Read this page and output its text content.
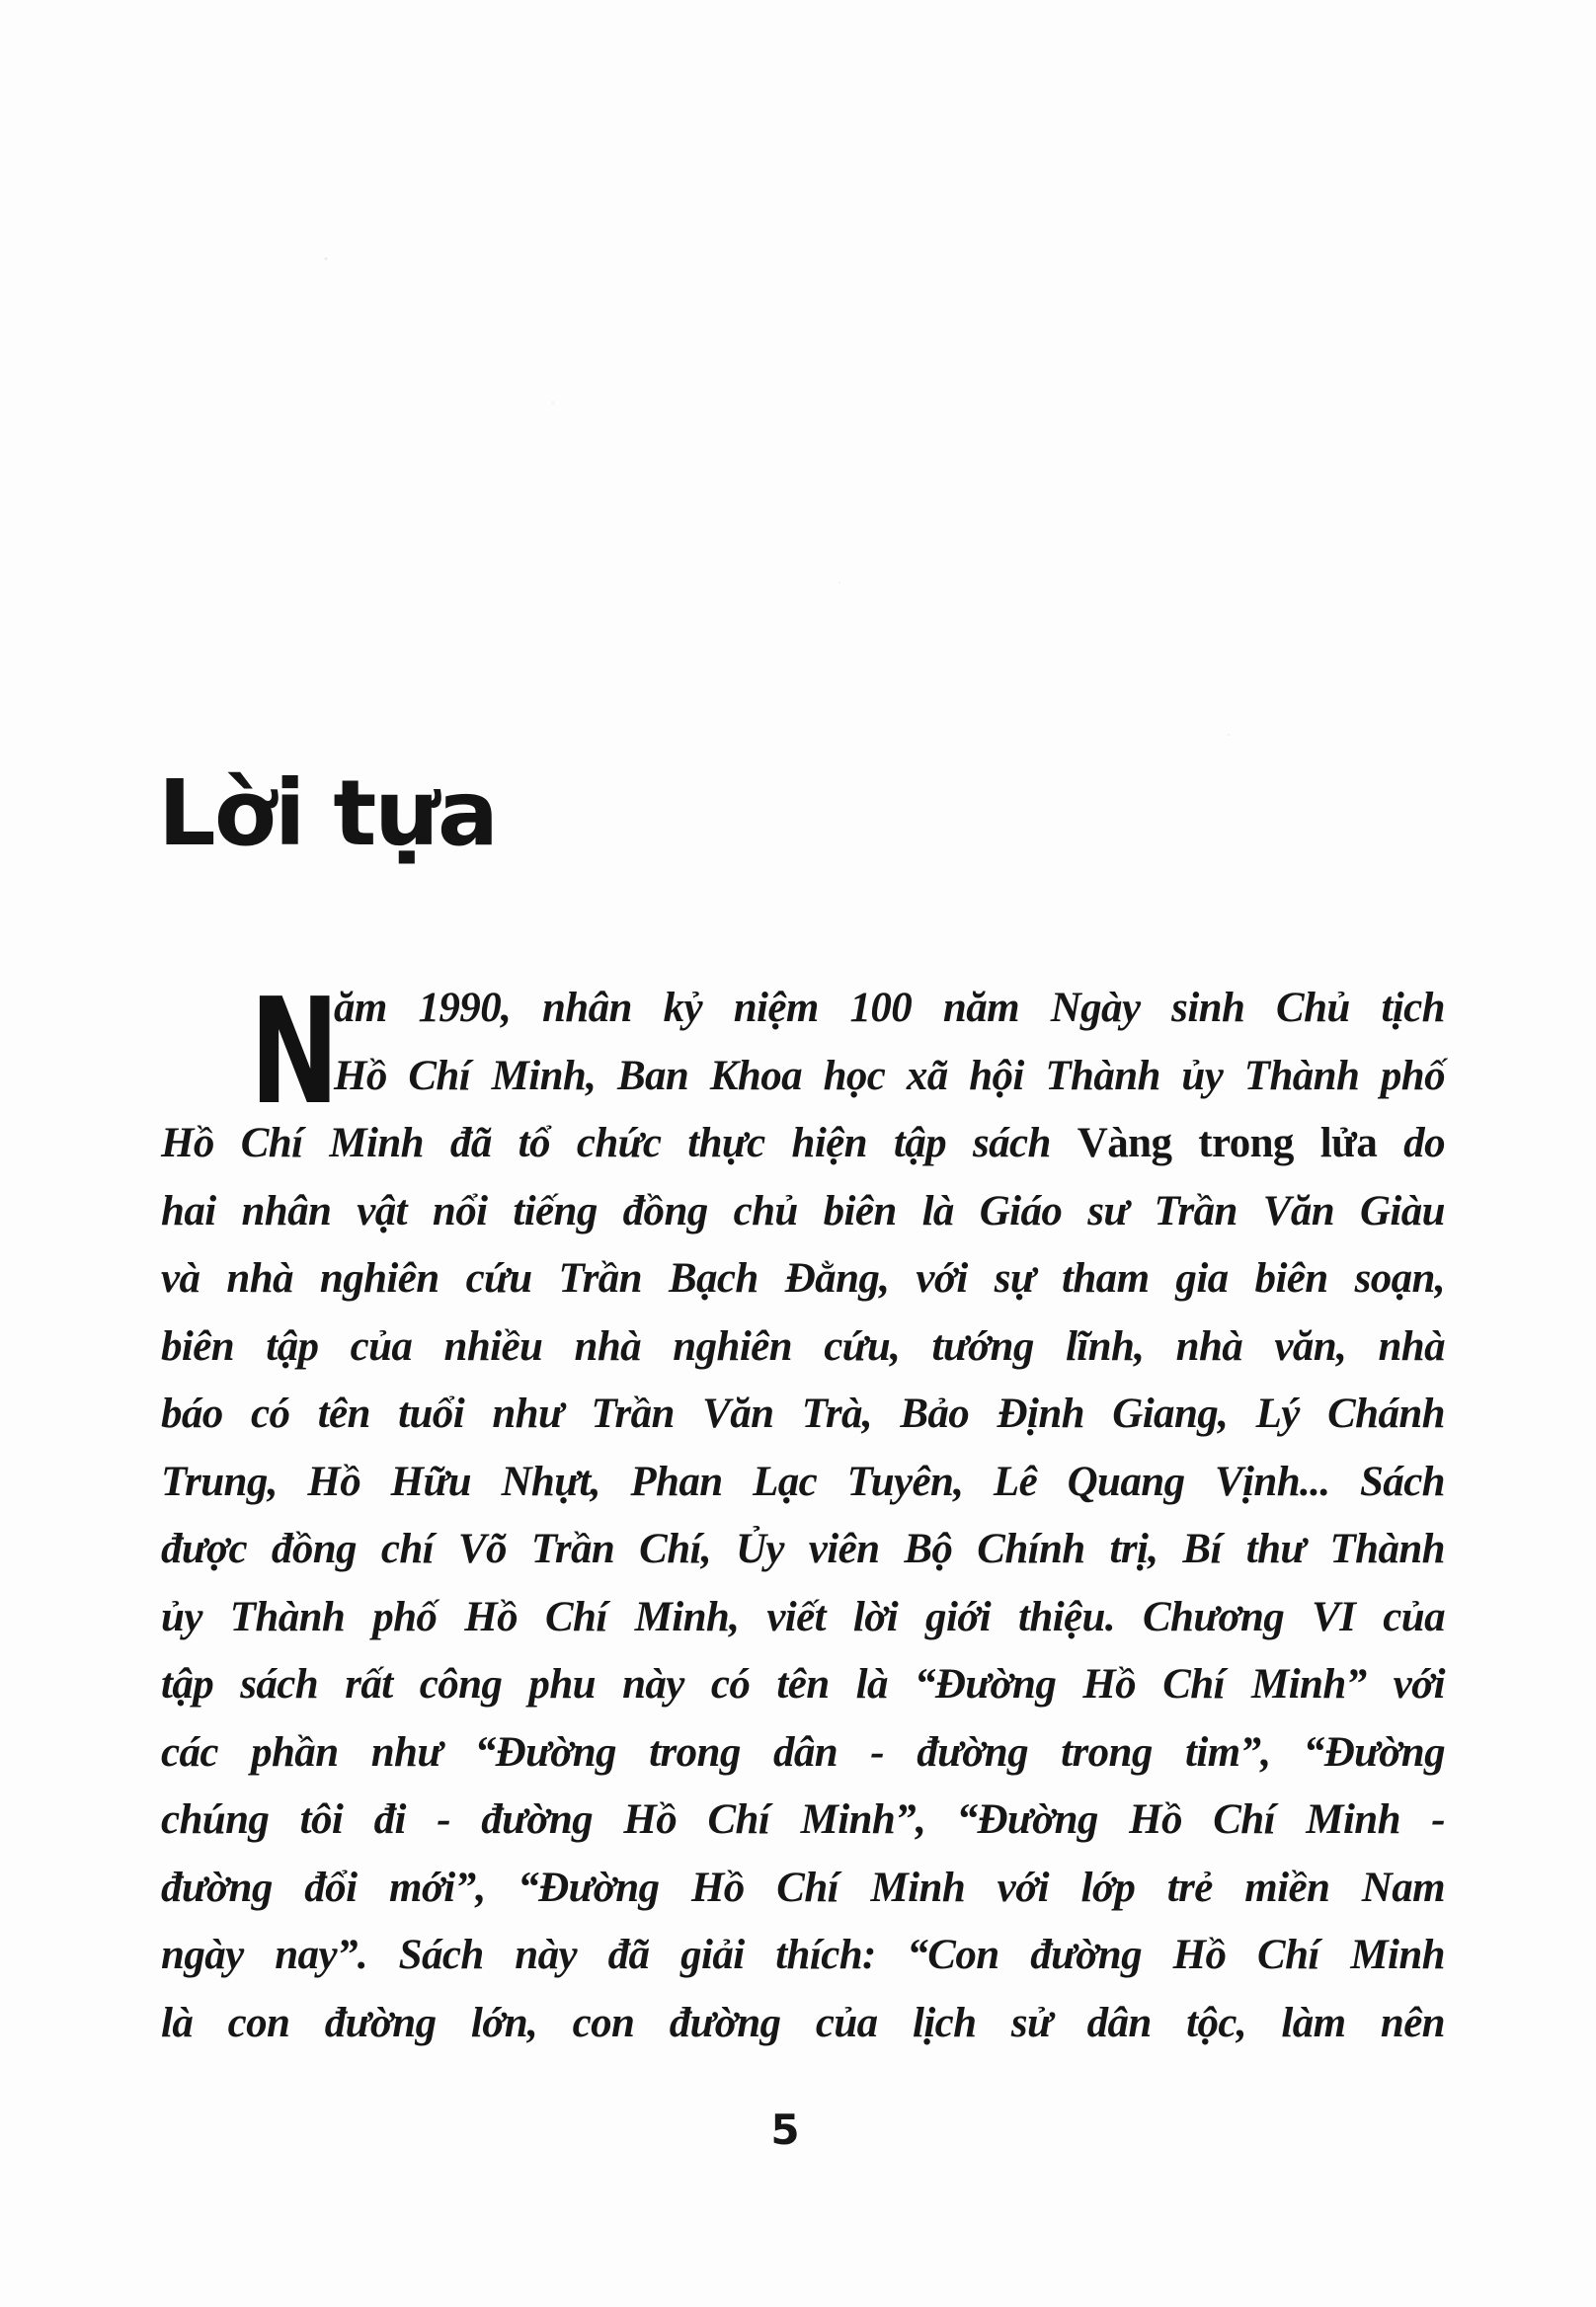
Lời tựa
N
ăm 1990, nhân kỷ niệm 100 năm Ngày sinh Chủ tịch
Hồ Chí Minh, Ban Khoa học xã hội Thành ủy Thành phố
Hồ Chí Minh đã tổ chức thực hiện tập sách Vàng trong lửa do
hai nhân vật nổi tiếng đồng chủ biên là Giáo sư Trần Văn Giàu
và nhà nghiên cứu Trần Bạch Đằng, với sự tham gia biên soạn,
biên tập của nhiều nhà nghiên cứu, tướng lĩnh, nhà văn, nhà
báo có tên tuổi như Trần Văn Trà, Bảo Định Giang, Lý Chánh
Trung, Hồ Hữu Nhựt, Phan Lạc Tuyên, Lê Quang Vịnh... Sách
được đồng chí Võ Trần Chí, Ủy viên Bộ Chính trị, Bí thư Thành
ủy Thành phố Hồ Chí Minh, viết lời giới thiệu. Chương VI của
tập sách rất công phu này có tên là “Đường Hồ Chí Minh” với
các phần như “Đường trong dân - đường trong tim”, “Đường
chúng tôi đi - đường Hồ Chí Minh”, “Đường Hồ Chí Minh -
đường đổi mới”, “Đường Hồ Chí Minh với lớp trẻ miền Nam
ngày nay”. Sách này đã giải thích: “Con đường Hồ Chí Minh
là con đường lớn, con đường của lịch sử dân tộc, làm nên
5
